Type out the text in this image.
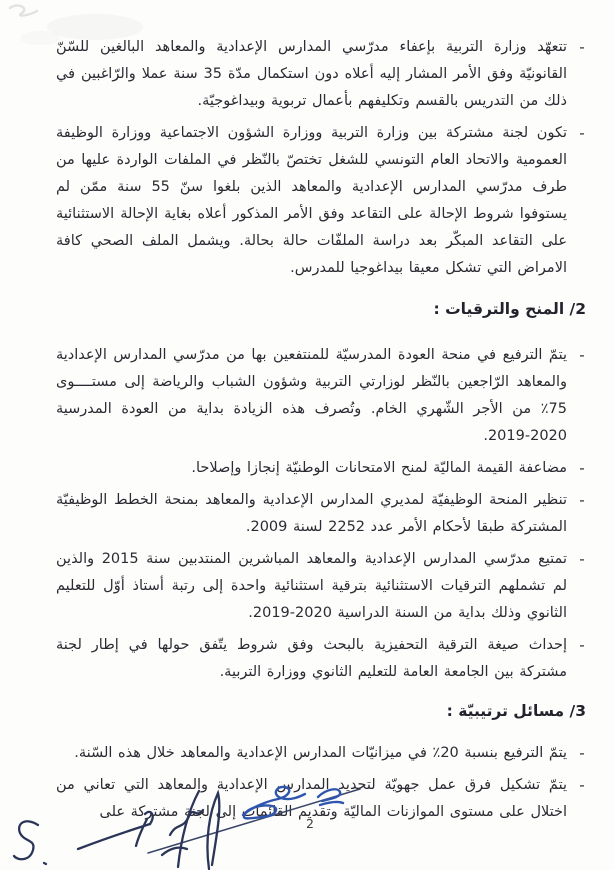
-

تتعهّد وزارة التربية بإعفاء مدرّسي المدارس الإعدادية والمعاهد البالغين للسّنّ القانونيّة وفق الأمر المشار إليه أعلاه دون استكمال مدّة 35 سنة عملا والرّاغبين في ذلك من التدريس بالقسم وتكليفهم بأعمال تربوية وبيداغوجيّة.

-

تكون لجنة مشتركة بين وزارة التربية ووزارة الشؤون الاجتماعية ووزارة الوظيفة العمومية والاتحاد العام التونسي للشغل تختصّ بالنّظر في الملفات الواردة عليها من طرف مدرّسي المدارس الإعدادية والمعاهد الذين بلغوا سنّ 55 سنة ممّن لم يستوفوا شروط الإحالة على التقاعد وفق الأمر المذكور أعلاه بغاية الإحالة الاستثنائية على التقاعد المبكّر بعد دراسة الملفّات حالة بحالة. ويشمل الملف الصحي كافة الامراض التي تشكل معيقا بيداغوجيا للمدرس.

2/ المنح والترقيات :
-

يتمّ الترفيع في منحة العودة المدرسيّة للمنتفعين بها من مدرّسي المدارس الإعدادية والمعاهد الرّاجعين بالنّظر لوزارتي التربية وشؤون الشباب والرياضة إلى مستــــوى 75٪ من الأجر الشّهري الخام. وتُصرف هذه الزيادة بداية من العودة المدرسية 2020-2019.

-

مضاعفة القيمة الماليّة لمنح الامتحانات الوطنيّة إنجازا وإصلاحا.

-

تنظير المنحة الوظيفيّة لمديري المدارس الإعدادية والمعاهد بمنحة الخطط الوظيفيّة المشتركة طبقا لأحكام الأمر عدد 2252 لسنة 2009.

-

تمتيع مدرّسي المدارس الإعدادية والمعاهد المباشرين المنتدبين سنة 2015 والذين لم تشملهم الترقيات الاستثنائية بترقية استثنائية واحدة إلى رتبة أستاذ أوّل للتعليم الثانوي وذلك بداية من السنة الدراسية 2020-2019.

-

إحداث صيغة الترقية التحفيزية بالبحث وفق شروط يتّفق حولها في إطار لجنة مشتركة بين الجامعة العامة للتعليم الثانوي ووزارة التربية.

3/ مسائل ترتيبيّة :
-

يتمّ الترفيع بنسبة 20٪ في ميزانيّات المدارس الإعدادية والمعاهد خلال هذه السّنة.

-

يتمّ تشكيل فرق عمل جهويّة لتحديد المدارس الإعدادية والمعاهد التي تعاني من اختلال على مستوى الموازنات الماليّة وتقديم القائمات إلى لجنة مشتركة على

2
